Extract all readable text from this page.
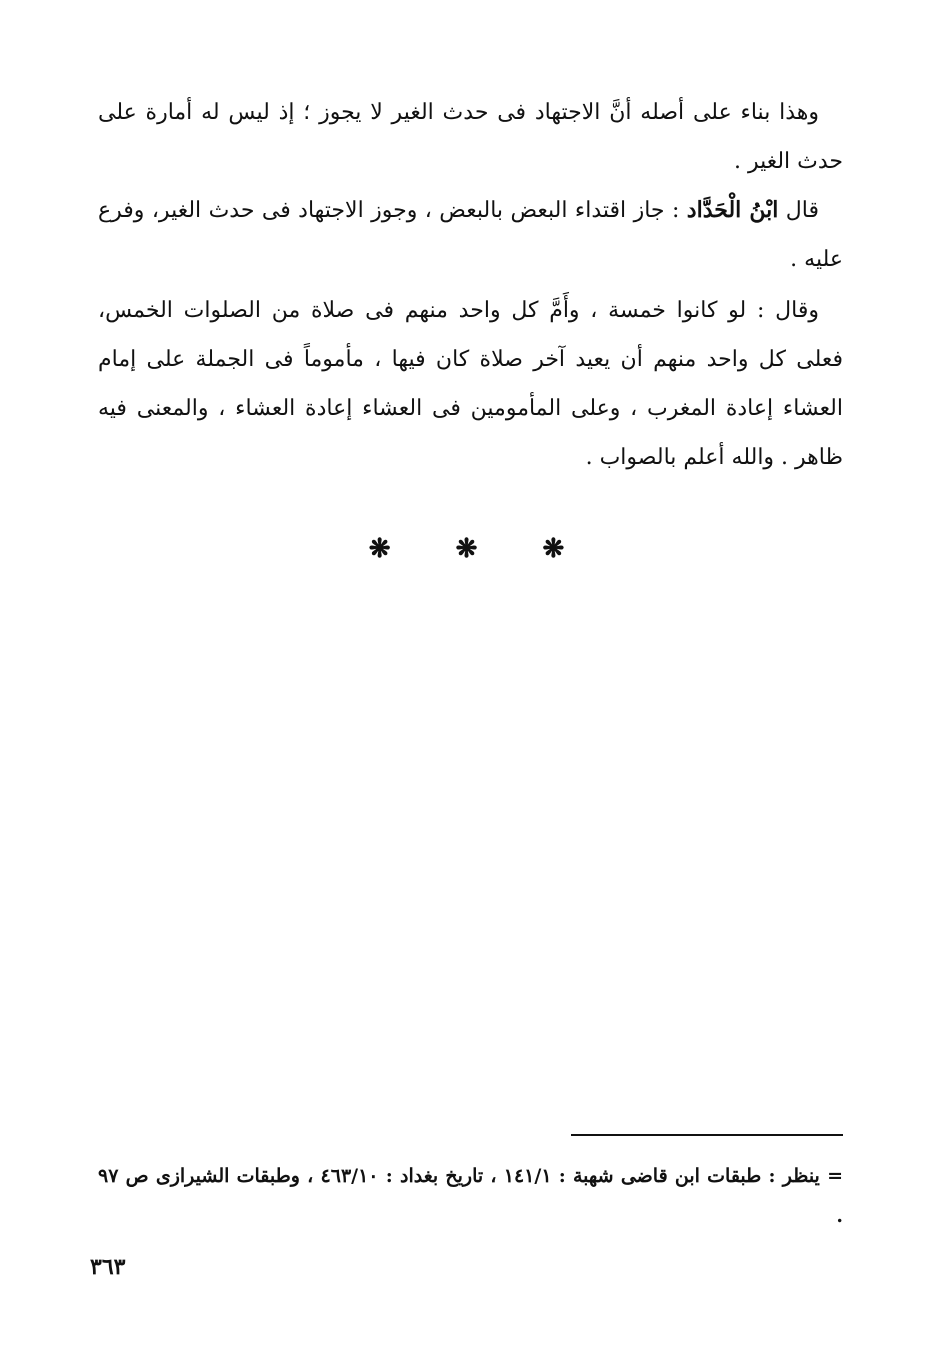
وهذا بناء على أصله أنَّ الاجتهاد فى حدث الغير لا يجوز ؛ إذ ليس له أمارة على حدث الغير .

قال ابْنُ الْحَدَّاد : جاز اقتداء البعض بالبعض ، وجوز الاجتهاد فى حدث الغير، وفرع عليه .

وقال : لو كانوا خمسة ، وأَمَّ كل واحد منهم فى صلاة من الصلوات الخمس، فعلى كل واحد منهم أن يعيد آخر صلاة كان فيها ، مأموماً فى الجملة على إمام العشاء إعادة المغرب ، وعلى المأمومين فى العشاء إعادة العشاء ، والمعنى فيه ظاهر . والله أعلم بالصواب .

❋	❋	❋

= ينظر : طبقات ابن قاضى شهبة : ١٤١/١ ، تاريخ بغداد : ٤٦٣/١٠ ، وطبقات الشيرازى ص ٩٧ .

٣٦٣
